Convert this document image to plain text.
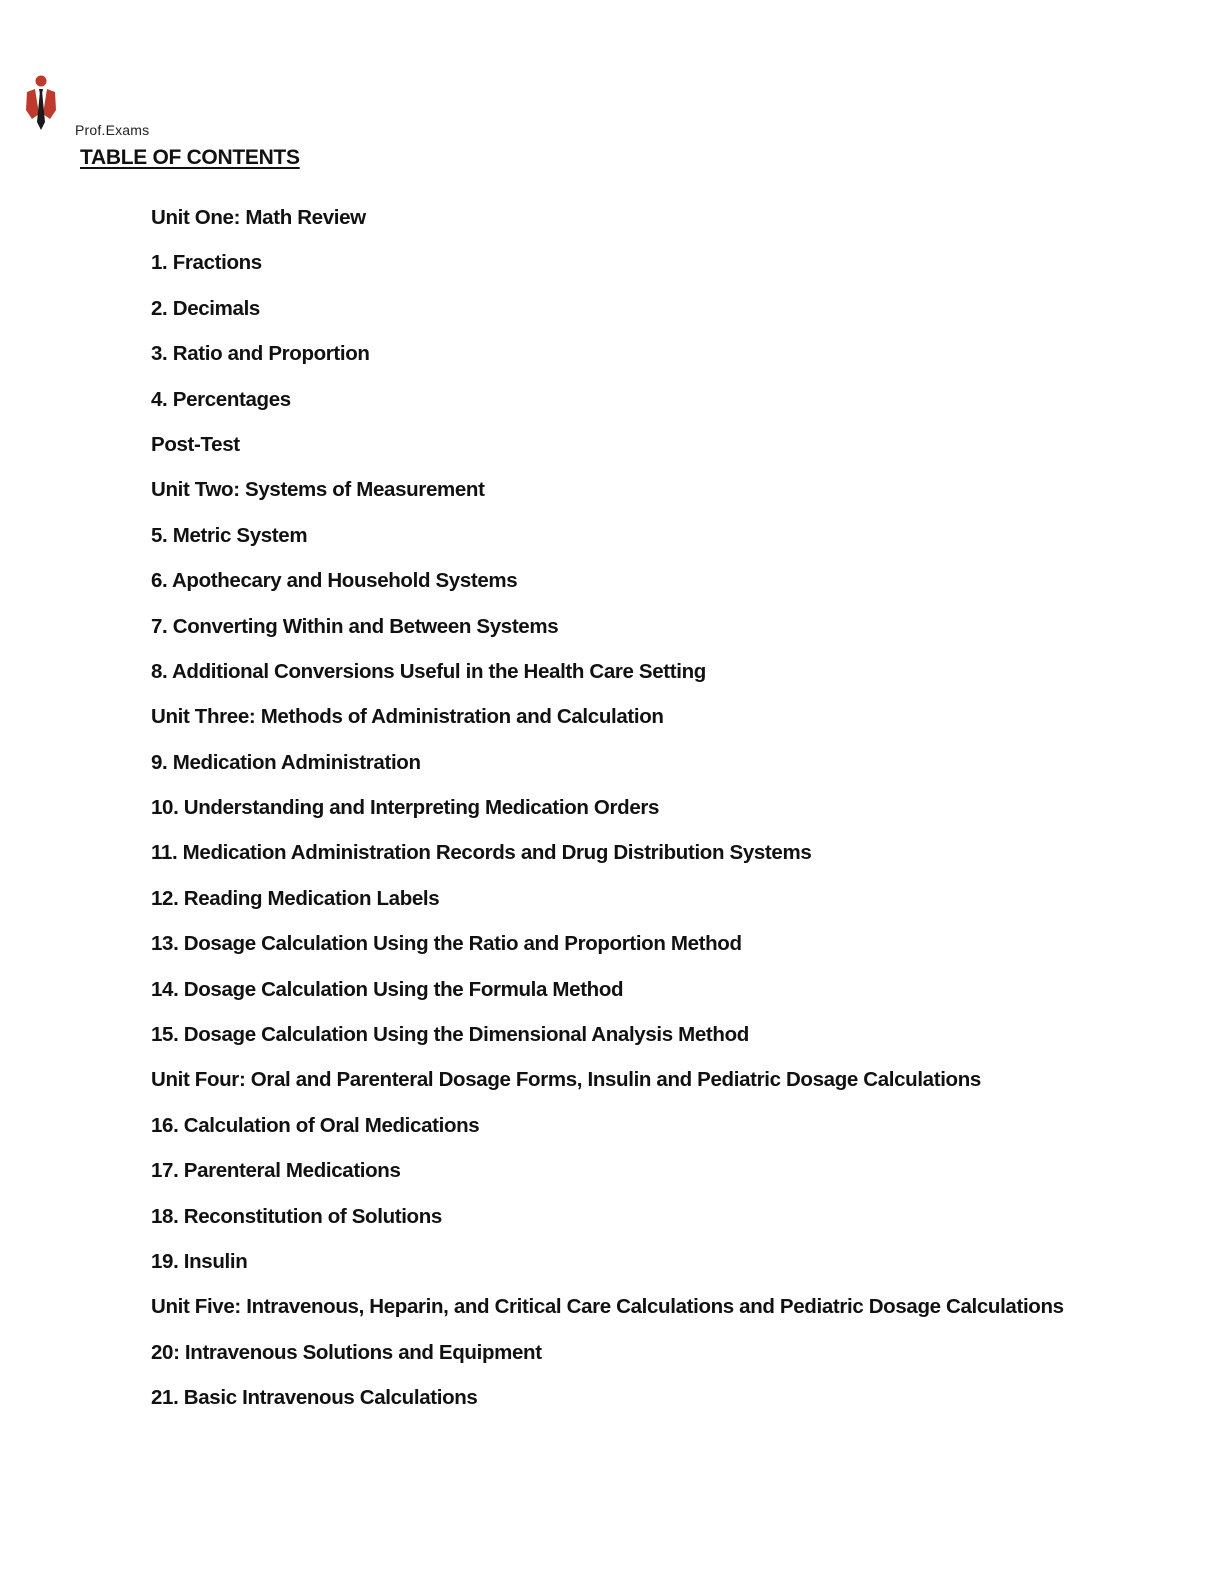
Prof.Exams
TABLE OF CONTENTS
Unit One: Math Review
1. Fractions
2. Decimals
3. Ratio and Proportion
4. Percentages
Post-Test
Unit Two: Systems of Measurement
5. Metric System
6. Apothecary and Household Systems
7. Converting Within and Between Systems
8. Additional Conversions Useful in the Health Care Setting
Unit Three: Methods of Administration and Calculation
9. Medication Administration
10. Understanding and Interpreting Medication Orders
11. Medication Administration Records and Drug Distribution Systems
12. Reading Medication Labels
13. Dosage Calculation Using the Ratio and Proportion Method
14. Dosage Calculation Using the Formula Method
15. Dosage Calculation Using the Dimensional Analysis Method
Unit Four: Oral and Parenteral Dosage Forms, Insulin and Pediatric Dosage Calculations
16. Calculation of Oral Medications
17. Parenteral Medications
18. Reconstitution of Solutions
19. Insulin
Unit Five: Intravenous, Heparin, and Critical Care Calculations and Pediatric Dosage Calculations
20: Intravenous Solutions and Equipment
21. Basic Intravenous Calculations
